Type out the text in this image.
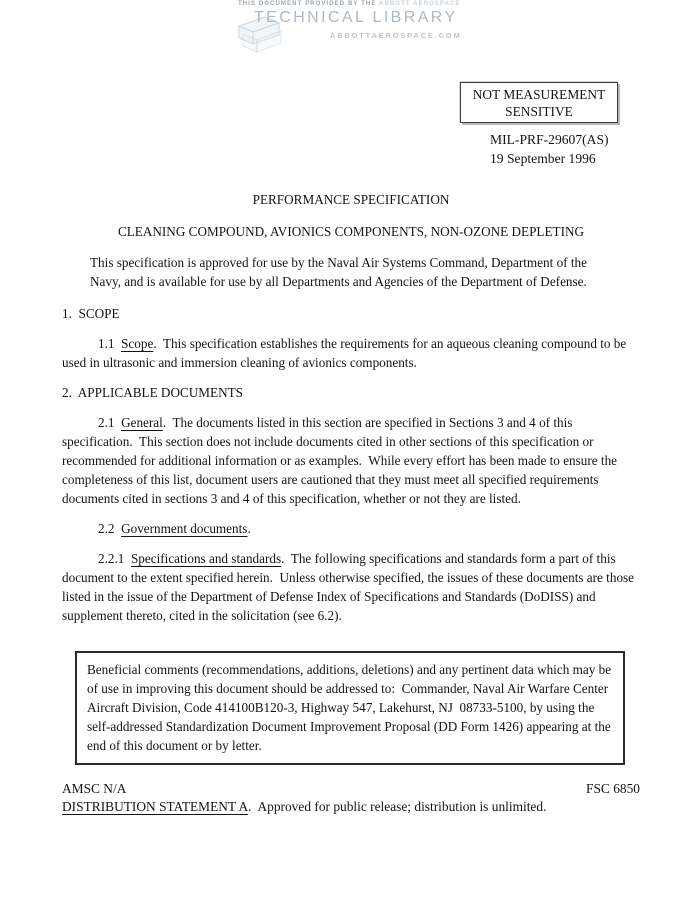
THIS DOCUMENT PROVIDED BY THE ABBOTT AEROSPACE
TECHNICAL LIBRARY
ABBOTTAEROSPACE.COM
NOT MEASUREMENT SENSITIVE
MIL-PRF-29607(AS)
19 September 1996

PERFORMANCE SPECIFICATION

CLEANING COMPOUND, AVIONICS COMPONENTS, NON-OZONE DEPLETING

This specification is approved for use by the Naval Air Systems Command, Department of the Navy, and is available for use by all Departments and Agencies of the Department of Defense.

1.  SCOPE

1.1  Scope.  This specification establishes the requirements for an aqueous cleaning compound to be used in ultrasonic and immersion cleaning of avionics components.

2.  APPLICABLE DOCUMENTS

2.1  General.  The documents listed in this section are specified in Sections 3 and 4 of this specification.  This section does not include documents cited in other sections of this specification or recommended for additional information or as examples.  While every effort has been made to ensure the completeness of this list, document users are cautioned that they must meet all specified requirements documents cited in sections 3 and 4 of this specification, whether or not they are listed.

2.2  Government documents.

2.2.1  Specifications and standards.  The following specifications and standards form a part of this document to the extent specified herein.  Unless otherwise specified, the issues of these documents are those listed in the issue of the Department of Defense Index of Specifications and Standards (DoDISS) and supplement thereto, cited in the solicitation (see 6.2).

Beneficial comments (recommendations, additions, deletions) and any pertinent data which may be of use in improving this document should be addressed to:  Commander, Naval Air Warfare Center Aircraft Division, Code 414100B120-3, Highway 547, Lakehurst, NJ  08733-5100, by using the self-addressed Standardization Document Improvement Proposal (DD Form 1426) appearing at the end of this document or by letter.
AMSC N/A	FSC 6850

DISTRIBUTION STATEMENT A.  Approved for public release; distribution is unlimited.
